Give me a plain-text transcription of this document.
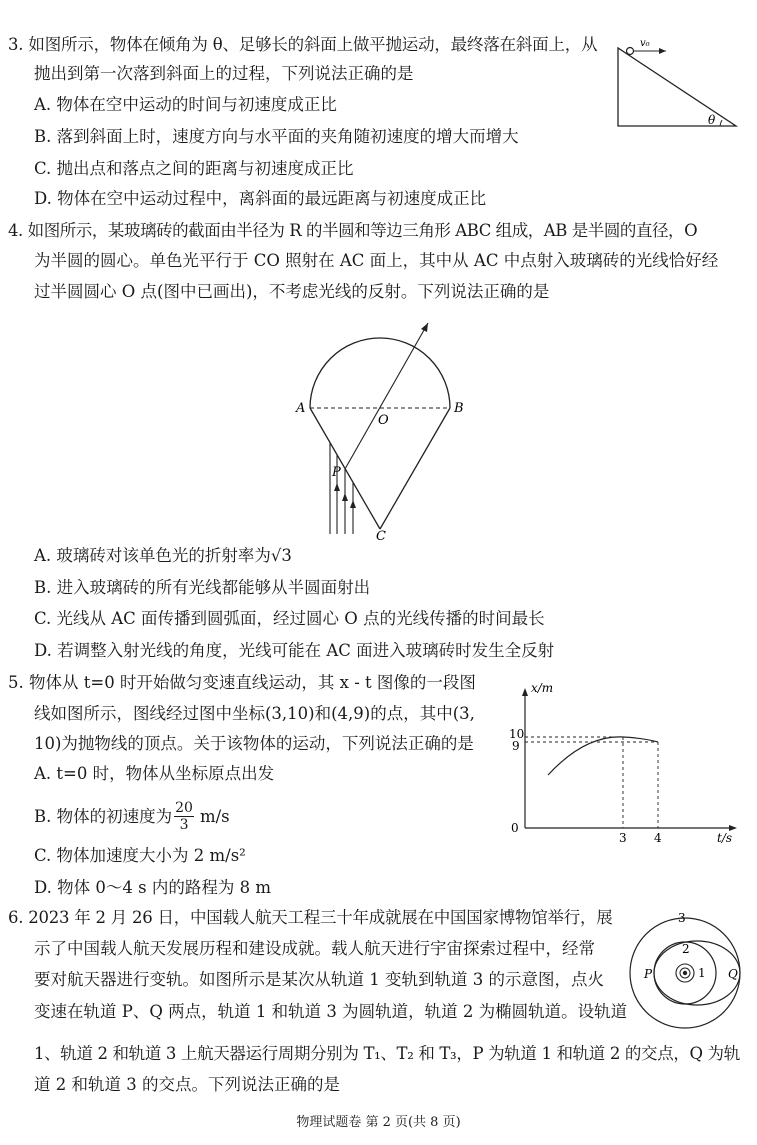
3. 如图所示，物体在倾角为 θ、足够长的斜面上做平抛运动，最终落在斜面上，从
抛出到第一次落到斜面上的过程，下列说法正确的是
A. 物体在空中运动的时间与初速度成正比
B. 落到斜面上时，速度方向与水平面的夹角随初速度的增大而增大
C. 抛出点和落点之间的距离与初速度成正比
D. 物体在空中运动过程中，离斜面的最远距离与初速度成正比
v₀
θ
4. 如图所示，某玻璃砖的截面由半径为 R 的半圆和等边三角形 ABC 组成，AB 是半圆的直径，O
为半圆的圆心。单色光平行于 CO 照射在 AC 面上，其中从 AC 中点射入玻璃砖的光线恰好经
过半圆圆心 O 点(图中已画出)，不考虑光线的反射。下列说法正确的是
A	B
O
P
C
A. 玻璃砖对该单色光的折射率为√3
B. 进入玻璃砖的所有光线都能够从半圆面射出
C. 光线从 AC 面传播到圆弧面，经过圆心 O 点的光线传播的时间最长
D. 若调整入射光线的角度，光线可能在 AC 面进入玻璃砖时发生全反射
5. 物体从 t=0 时开始做匀变速直线运动，其 x - t 图像的一段图
线如图所示，图线经过图中坐标(3,10)和(4,9)的点，其中(3,
10)为抛物线的顶点。关于该物体的运动，下列说法正确的是
A. t=0 时，物体从坐标原点出发
B. 物体的初速度为 $\frac{20}{3} m/s$
C. 物体加速度大小为 2 m/s²
D. 物体 0～4 s 内的路程为 8 m
x/m
t/s
0
10
9
3 4
6. 2023 年 2 月 26 日，中国载人航天工程三十年成就展在中国国家博物馆举行，展
示了中国载人航天发展历程和建设成就。载人航天进行宇宙探索过程中，经常
要对航天器进行变轨。如图所示是某次从轨道 1 变轨到轨道 3 的示意图，点火
变速在轨道 P、Q 两点，轨道 1 和轨道 3 为圆轨道，轨道 2 为椭圆轨道。设轨道
1、轨道 2 和轨道 3 上航天器运行周期分别为 T₁、T₂ 和 T₃，P 为轨道 1 和轨道 2 的交点，Q 为轨
道 2 和轨道 3 的交点。下列说法正确的是
3
2
1
P	Q
物理试题卷 第 2 页(共 8 页)
